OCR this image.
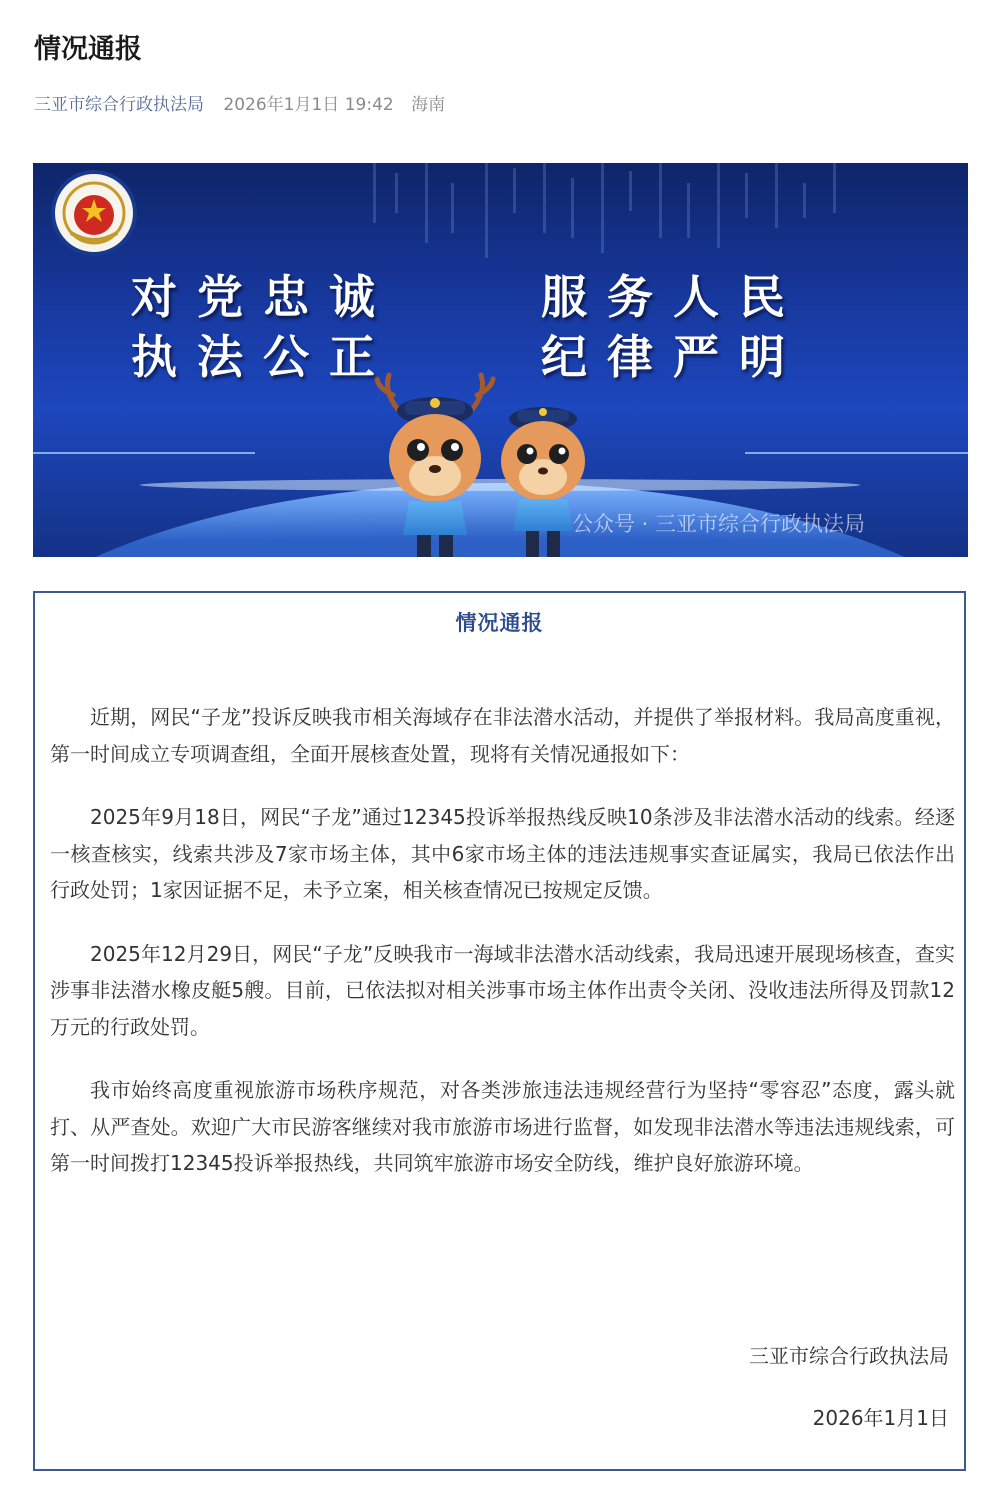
情况通报
三亚市综合行政执法局 2026年1月1日 19:42 海南
对 党 忠 诚	服 务 人 民
执 法 公 正	纪 律 严 明
公众号 · 三亚市综合行政执法局
情况通报

近期，网民“子龙”投诉反映我市相关海域存在非法潜水活动，并提供了举报材料。我局高度重视，第一时间成立专项调查组，全面开展核查处置，现将有关情况通报如下：

2025年9月18日，网民“子龙”通过12345投诉举报热线反映10条涉及非法潜水活动的线索。经逐一核查核实，线索共涉及7家市场主体，其中6家市场主体的违法违规事实查证属实，我局已依法作出行政处罚；1家因证据不足，未予立案，相关核查情况已按规定反馈。

2025年12月29日，网民“子龙”反映我市一海域非法潜水活动线索，我局迅速开展现场核查，查实涉事非法潜水橡皮艇5艘。目前，已依法拟对相关涉事市场主体作出责令关闭、没收违法所得及罚款12万元的行政处罚。

我市始终高度重视旅游市场秩序规范，对各类涉旅违法违规经营行为坚持“零容忍”态度，露头就打、从严查处。欢迎广大市民游客继续对我市旅游市场进行监督，如发现非法潜水等违法违规线索，可第一时间拨打12345投诉举报热线，共同筑牢旅游市场安全防线，维护良好旅游环境。

三亚市综合行政执法局
2026年1月1日
